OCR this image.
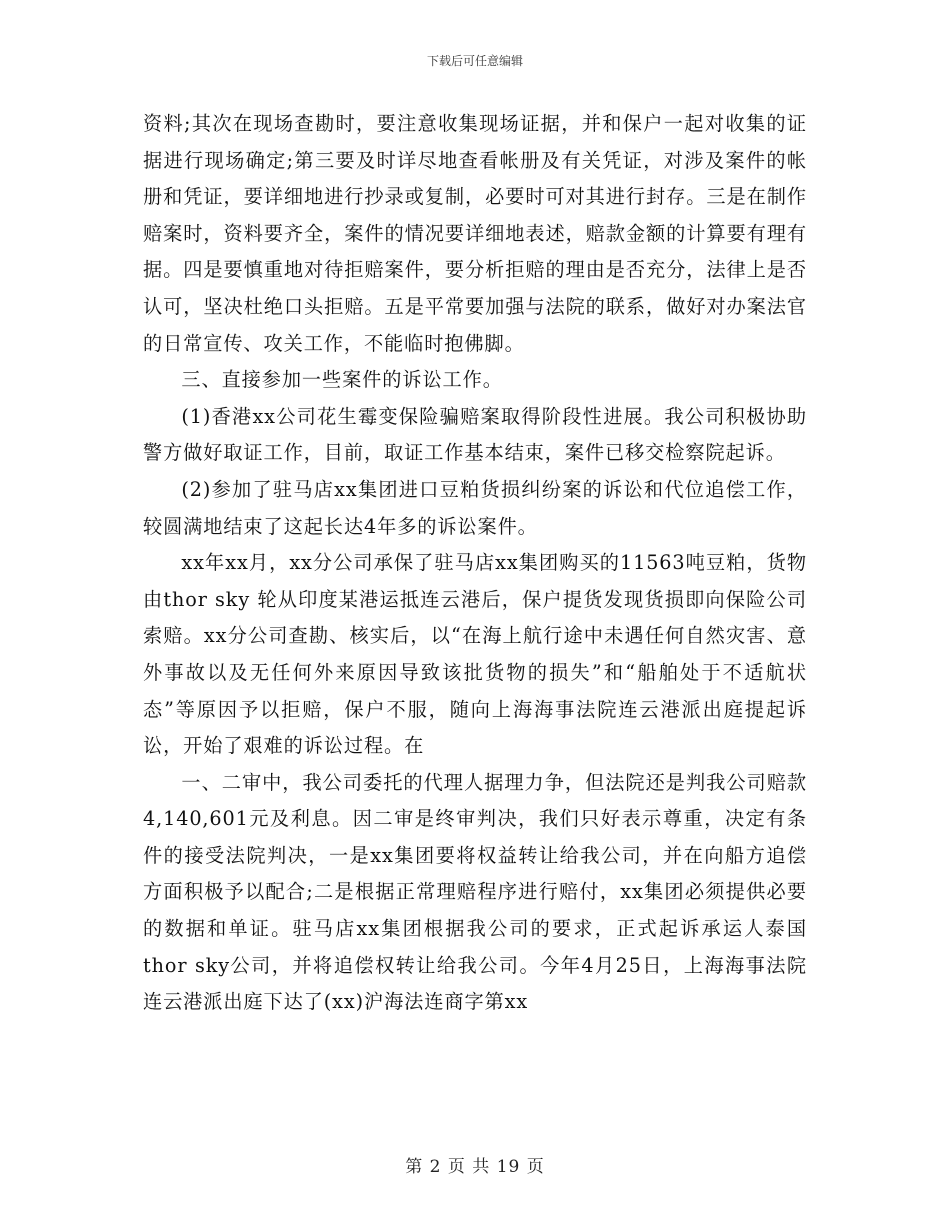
下载后可任意编辑

资料;其次在现场查勘时，要注意收集现场证据，并和保户一起对收集的证据进行现场确定;第三要及时详尽地查看帐册及有关凭证，对涉及案件的帐册和凭证，要详细地进行抄录或复制，必要时可对其进行封存。三是在制作赔案时，资料要齐全，案件的情况要详细地表述，赔款金额的计算要有理有据。四是要慎重地对待拒赔案件，要分析拒赔的理由是否充分，法律上是否认可，坚决杜绝口头拒赔。五是平常要加强与法院的联系，做好对办案法官的日常宣传、攻关工作，不能临时抱佛脚。

三、直接参加一些案件的诉讼工作。

(1)香港xx公司花生霉变保险骗赔案取得阶段性进展。我公司积极协助警方做好取证工作，目前，取证工作基本结束，案件已移交检察院起诉。

(2)参加了驻马店xx集团进口豆粕货损纠纷案的诉讼和代位追偿工作，较圆满地结束了这起长达4年多的诉讼案件。

xx年xx月，xx分公司承保了驻马店xx集团购买的11563吨豆粕，货物由thor sky 轮从印度某港运抵连云港后，保户提货发现货损即向保险公司索赔。xx分公司查勘、核实后，以“在海上航行途中未遇任何自然灾害、意外事故以及无任何外来原因导致该批货物的损失”和“船舶处于不适航状态”等原因予以拒赔，保户不服，随向上海海事法院连云港派出庭提起诉讼，开始了艰难的诉讼过程。在

一、二审中，我公司委托的代理人据理力争，但法院还是判我公司赔款4,140,601元及利息。因二审是终审判决，我们只好表示尊重，决定有条件的接受法院判决，一是xx集团要将权益转让给我公司，并在向船方追偿方面积极予以配合;二是根据正常理赔程序进行赔付，xx集团必须提供必要的数据和单证。驻马店xx集团根据我公司的要求，正式起诉承运人泰国thor sky公司，并将追偿权转让给我公司。今年4月25日，上海海事法院连云港派出庭下达了(xx)沪海法连商字第xx

第 2 页 共 19 页
